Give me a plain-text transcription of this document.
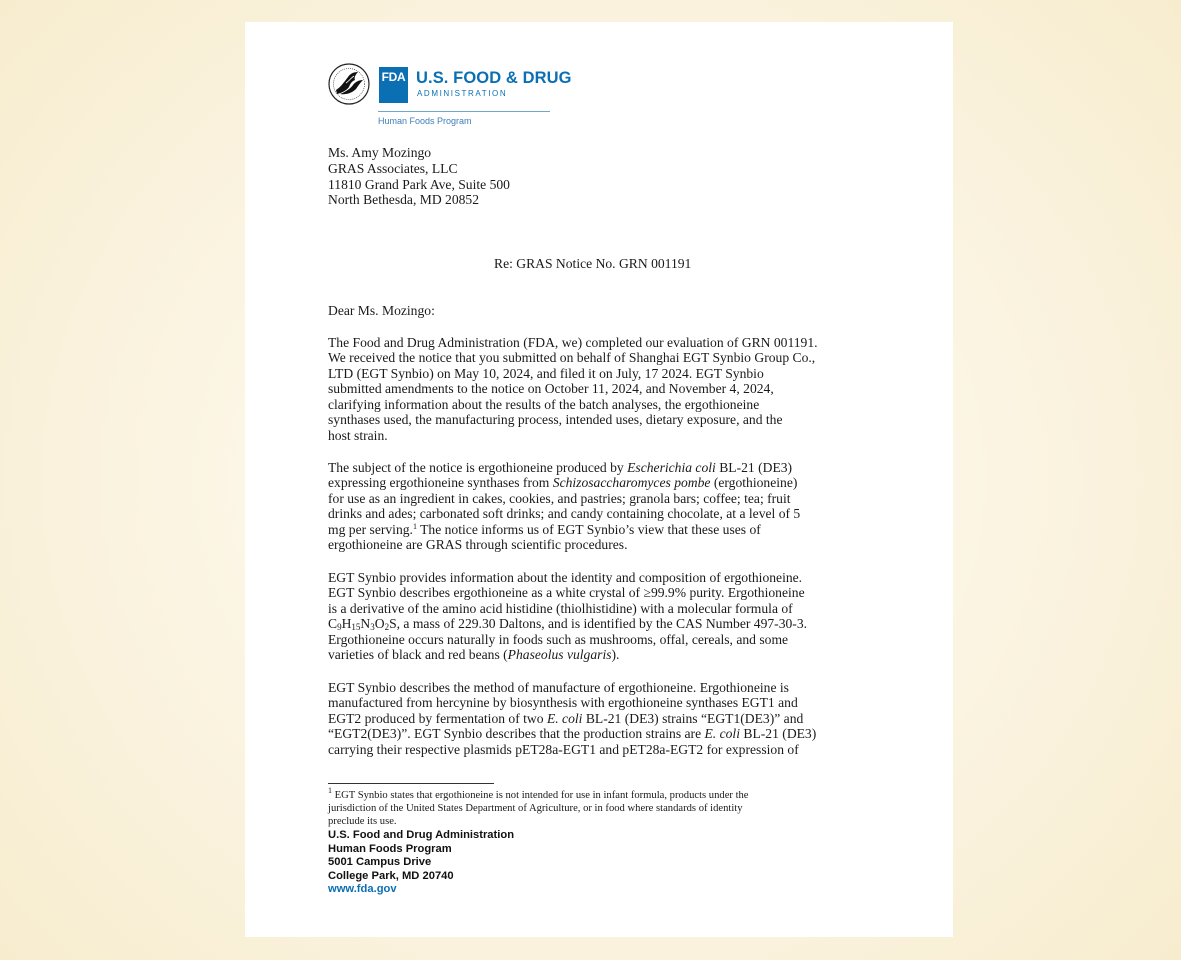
FDA U.S. FOOD & DRUG
ADMINISTRATION
Human Foods Program
Ms. Amy Mozingo
GRAS Associates, LLC
11810 Grand Park Ave, Suite 500
North Bethesda, MD 20852
Re: GRAS Notice No. GRN 001191
Dear Ms. Mozingo:
The Food and Drug Administration (FDA, we) completed our evaluation of GRN 001191.
We received the notice that you submitted on behalf of Shanghai EGT Synbio Group Co.,
LTD (EGT Synbio) on May 10, 2024, and filed it on July, 17 2024. EGT Synbio
submitted amendments to the notice on October 11, 2024, and November 4, 2024,
clarifying information about the results of the batch analyses, the ergothioneine
synthases used, the manufacturing process, intended uses, dietary exposure, and the
host strain.
The subject of the notice is ergothioneine produced by Escherichia coli BL-21 (DE3)
expressing ergothioneine synthases from Schizosaccharomyces pombe (ergothioneine)
for use as an ingredient in cakes, cookies, and pastries; granola bars; coffee; tea; fruit
drinks and ades; carbonated soft drinks; and candy containing chocolate, at a level of 5
mg per serving.$^1$ The notice informs us of EGT Synbio’s view that these uses of
ergothioneine are GRAS through scientific procedures.
EGT Synbio provides information about the identity and composition of ergothioneine.
EGT Synbio describes ergothioneine as a white crystal of ≥99.9% purity. Ergothioneine
is a derivative of the amino acid histidine (thiolhistidine) with a molecular formula of
$C_9H_{15}N_3O_2S$, a mass of 229.30 Daltons, and is identified by the CAS Number 497-30-3.
Ergothioneine occurs naturally in foods such as mushrooms, offal, cereals, and some
varieties of black and red beans (Phaseolus vulgaris).
EGT Synbio describes the method of manufacture of ergothioneine. Ergothioneine is
manufactured from hercynine by biosynthesis with ergothioneine synthases EGT1 and
EGT2 produced by fermentation of two E. coli BL-21 (DE3) strains “EGT1(DE3)” and
“EGT2(DE3)”. EGT Synbio describes that the production strains are E. coli BL-21 (DE3)
carrying their respective plasmids pET28a-EGT1 and pET28a-EGT2 for expression of
$^1$ EGT Synbio states that ergothioneine is not intended for use in infant formula, products under the
jurisdiction of the United States Department of Agriculture, or in food where standards of identity
preclude its use.
U.S. Food and Drug Administration
Human Foods Program
5001 Campus Drive
College Park, MD 20740
www.fda.gov
